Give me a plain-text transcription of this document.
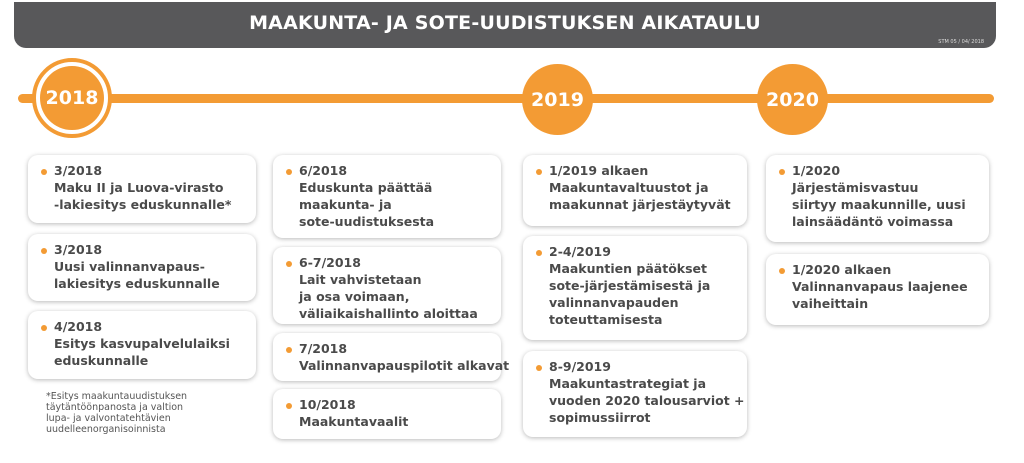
MAAKUNTA- JA SOTE-UUDISTUKSEN AIKATAULU
STM 05 / 04/ 2018
2018	2019	2020
3/2018
Maku II ja Luova-virasto
-lakiesitys eduskunnalle*
3/2018
Uusi valinnanvapaus-
lakiesitys eduskunnalle
4/2018
Esitys kasvupalvelulaiksi
eduskunnalle
6/2018
Eduskunta päättää
maakunta- ja
sote-uudistuksesta
6-7/2018
Lait vahvistetaan
ja osa voimaan,
väliaikaishallinto aloittaa
7/2018
Valinnanvapauspilotit alkavat
10/2018
Maakuntavaalit
1/2019 alkaen
Maakuntavaltuustot ja
maakunnat järjestäytyvät
2-4/2019
Maakuntien päätökset
sote-järjestämisestä ja
valinnanvapauden
toteuttamisesta
8-9/2019
Maakuntastrategiat ja
vuoden 2020 talousarviot +
sopimussiirrot
1/2020
Järjestämisvastuu
siirtyy maakunnille, uusi
lainsäädäntö voimassa
1/2020 alkaen
Valinnanvapaus laajenee
vaiheittain
*Esitys maakuntauudistuksen
täytäntöönpanosta ja valtion
lupa- ja valvontatehtävien
uudelleenorganisoinnista
